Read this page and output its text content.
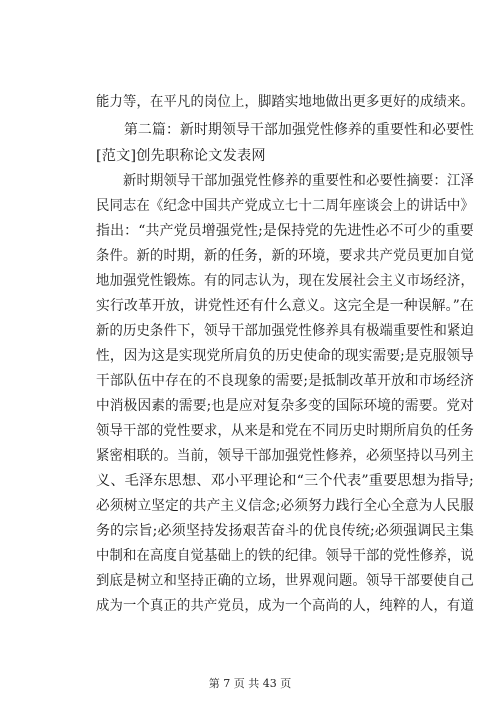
能力等，在平凡的岗位上，脚踏实地地做出更多更好的成绩来。
　　第二篇：新时期领导干部加强党性修养的重要性和必要性
[范文]创先职称论文发表网
　　新时期领导干部加强党性修养的重要性和必要性摘要：江泽
民同志在《纪念中国共产党成立七十二周年座谈会上的讲话中》
指出：“共产党员增强党性;是保持党的先进性必不可少的重要
条件。新的时期，新的任务，新的环境，要求共产党员更加自觉
地加强党性锻炼。有的同志认为，现在发展社会主义市场经济，
实行改革开放，讲党性还有什么意义。这完全是一种误解。”在
新的历史条件下，领导干部加强党性修养具有极端重要性和紧迫
性，因为这是实现党所肩负的历史使命的现实需要;是克服领导
干部队伍中存在的不良现象的需要;是抵制改革开放和市场经济
中消极因素的需要;也是应对复杂多变的国际环境的需要。党对
领导干部的党性要求，从来是和党在不同历史时期所肩负的任务
紧密相联的。当前，领导干部加强党性修养，必须坚持以马列主
义、毛泽东思想、邓小平理论和“三个代表”重要思想为指导;
必须树立坚定的共产主义信念;必须努力践行全心全意为人民服
务的宗旨;必须坚持发扬艰苦奋斗的优良传统;必须强调民主集
中制和在高度自觉基础上的铁的纪律。领导干部的党性修养，说
到底是树立和坚持正确的立场，世界观问题。领导干部要使自己
成为一个真正的共产党员，成为一个高尚的人，纯粹的人，有道
第 7 页 共 43 页
